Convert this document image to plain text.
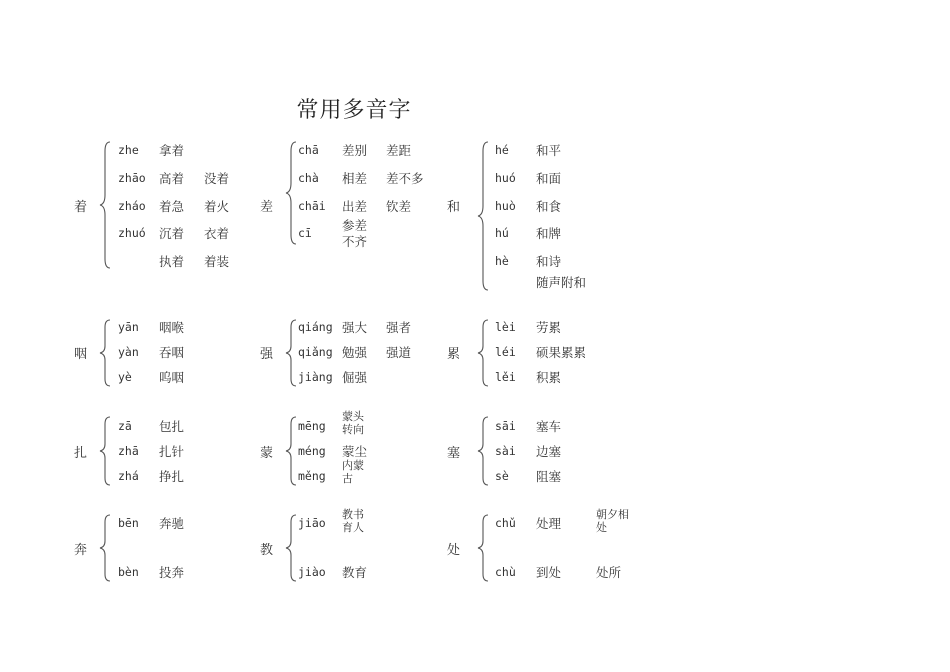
常用多音字
着
zhe 拿着
zhāo 高着 没着
zháo 着急 着火
zhuó 沉着 衣着
执着 着装
差
chā 差别 差距
chà 相差 差不多
chāi 出差 钦差
cī 参差
不齐
和
hé 和平
huó 和面
huò 和食
hú 和牌
hè 和诗
随声附和
咽
yān 咽喉
yàn 吞咽
yè 呜咽
强
qiáng 强大 强者
qiǎng 勉强 强道
jiàng 倔强
累
lèi 劳累
léi 硕果累累
lěi 积累
扎
zā 包扎
zhā 扎针
zhá 挣扎
蒙
mēng
蒙头
转向
méng 蒙尘
měng
内蒙
古
塞
sāi 塞车
sài 边塞
sè 阻塞
奔
bēn 奔驰
bèn 投奔
教
jiāo
教书
育人
jiào 教育
处
chǔ 处理
朝夕相
处
chù 到处	处所
